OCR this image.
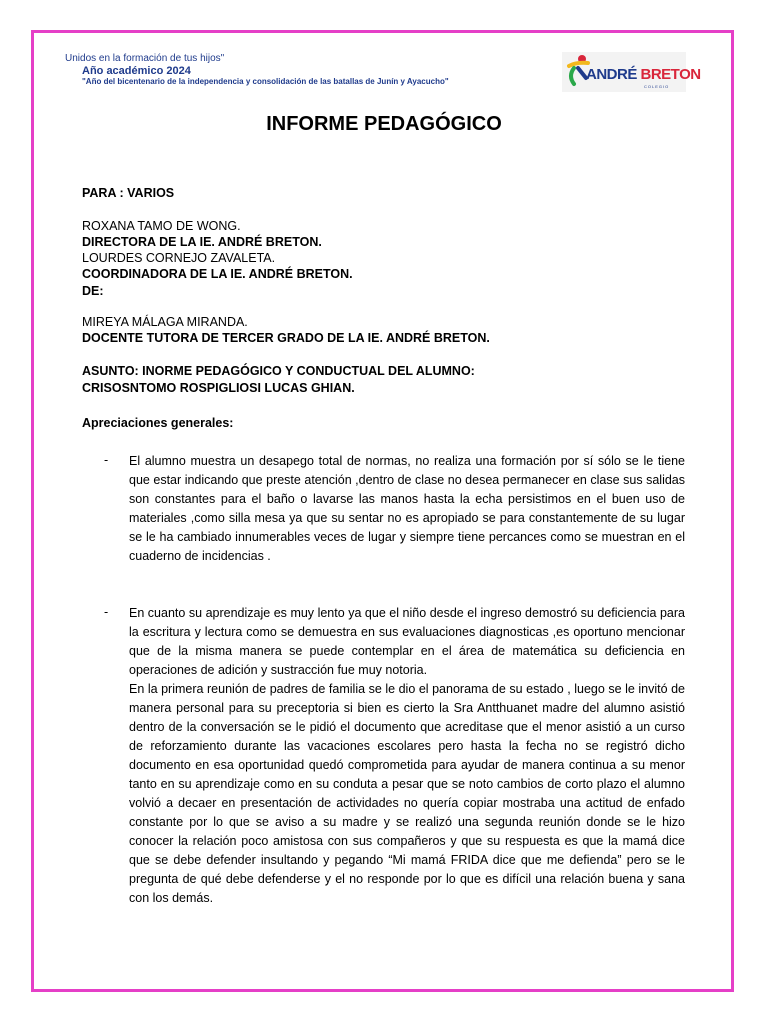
Unidos en la formación de tus hijos"
Año académico 2024
"Año del bicentenario de la independencia y consolidación de las batallas de Junín y Ayacucho"	ANDRÉ BRETON
COLEGIO
INFORME PEDAGÓGICO
PARA : VARIOS
ROXANA TAMO DE WONG.
DIRECTORA DE LA IE. ANDRÉ BRETON.
LOURDES CORNEJO ZAVALETA.
COORDINADORA DE LA IE. ANDRÉ BRETON.
DE:
MIREYA MÁLAGA MIRANDA.
DOCENTE TUTORA DE TERCER GRADO DE LA IE. ANDRÉ BRETON.
ASUNTO: INORME PEDAGÓGICO Y CONDUCTUAL DEL ALUMNO:
CRISOSNTOMO ROSPIGLIOSI LUCAS GHIAN.
Apreciaciones generales:
- El alumno muestra un desapego total de normas, no realiza una formación por sí sólo se le tiene que estar indicando que preste atención ,dentro de clase no desea permanecer en clase sus salidas son constantes para el baño o lavarse las manos hasta la echa persistimos en el buen uso de materiales ,como silla mesa ya que su sentar no es apropiado se para constantemente de su lugar se le ha cambiado innumerables veces de lugar y siempre tiene percances como se muestran en el cuaderno de incidencias .

- En cuanto su aprendizaje es muy lento ya que el niño desde el ingreso demostró su deficiencia para la escritura y lectura como se demuestra en sus evaluaciones diagnosticas ,es oportuno mencionar que de la misma manera se puede contemplar en el área de matemática su deficiencia en operaciones de adición y sustracción fue muy notoria.

En la primera reunión de padres de familia se le dio el panorama de su estado , luego se le invitó de manera personal para su preceptoria si bien es cierto la Sra Antthuanet madre del alumno asistió dentro de la conversación se le pidió el documento que acreditase que el menor asistió a un curso de reforzamiento durante las vacaciones escolares pero hasta la fecha no se registró dicho documento en esa oportunidad quedó comprometida para ayudar de manera continua a su menor tanto en su aprendizaje como en su conduta a pesar que se noto cambios de corto plazo el alumno volvió a decaer en presentación de actividades no quería copiar mostraba una actitud de enfado constante por lo que se aviso a su madre y se realizó una segunda reunión donde se le hizo conocer la relación poco amistosa con sus compañeros y que su respuesta es que la mamá dice que se debe defender insultando y pegando “Mi mamá FRIDA dice que me defienda” pero se le pregunta de qué debe defenderse y el no responde por lo que es difícil una relación buena y sana con los demás.
